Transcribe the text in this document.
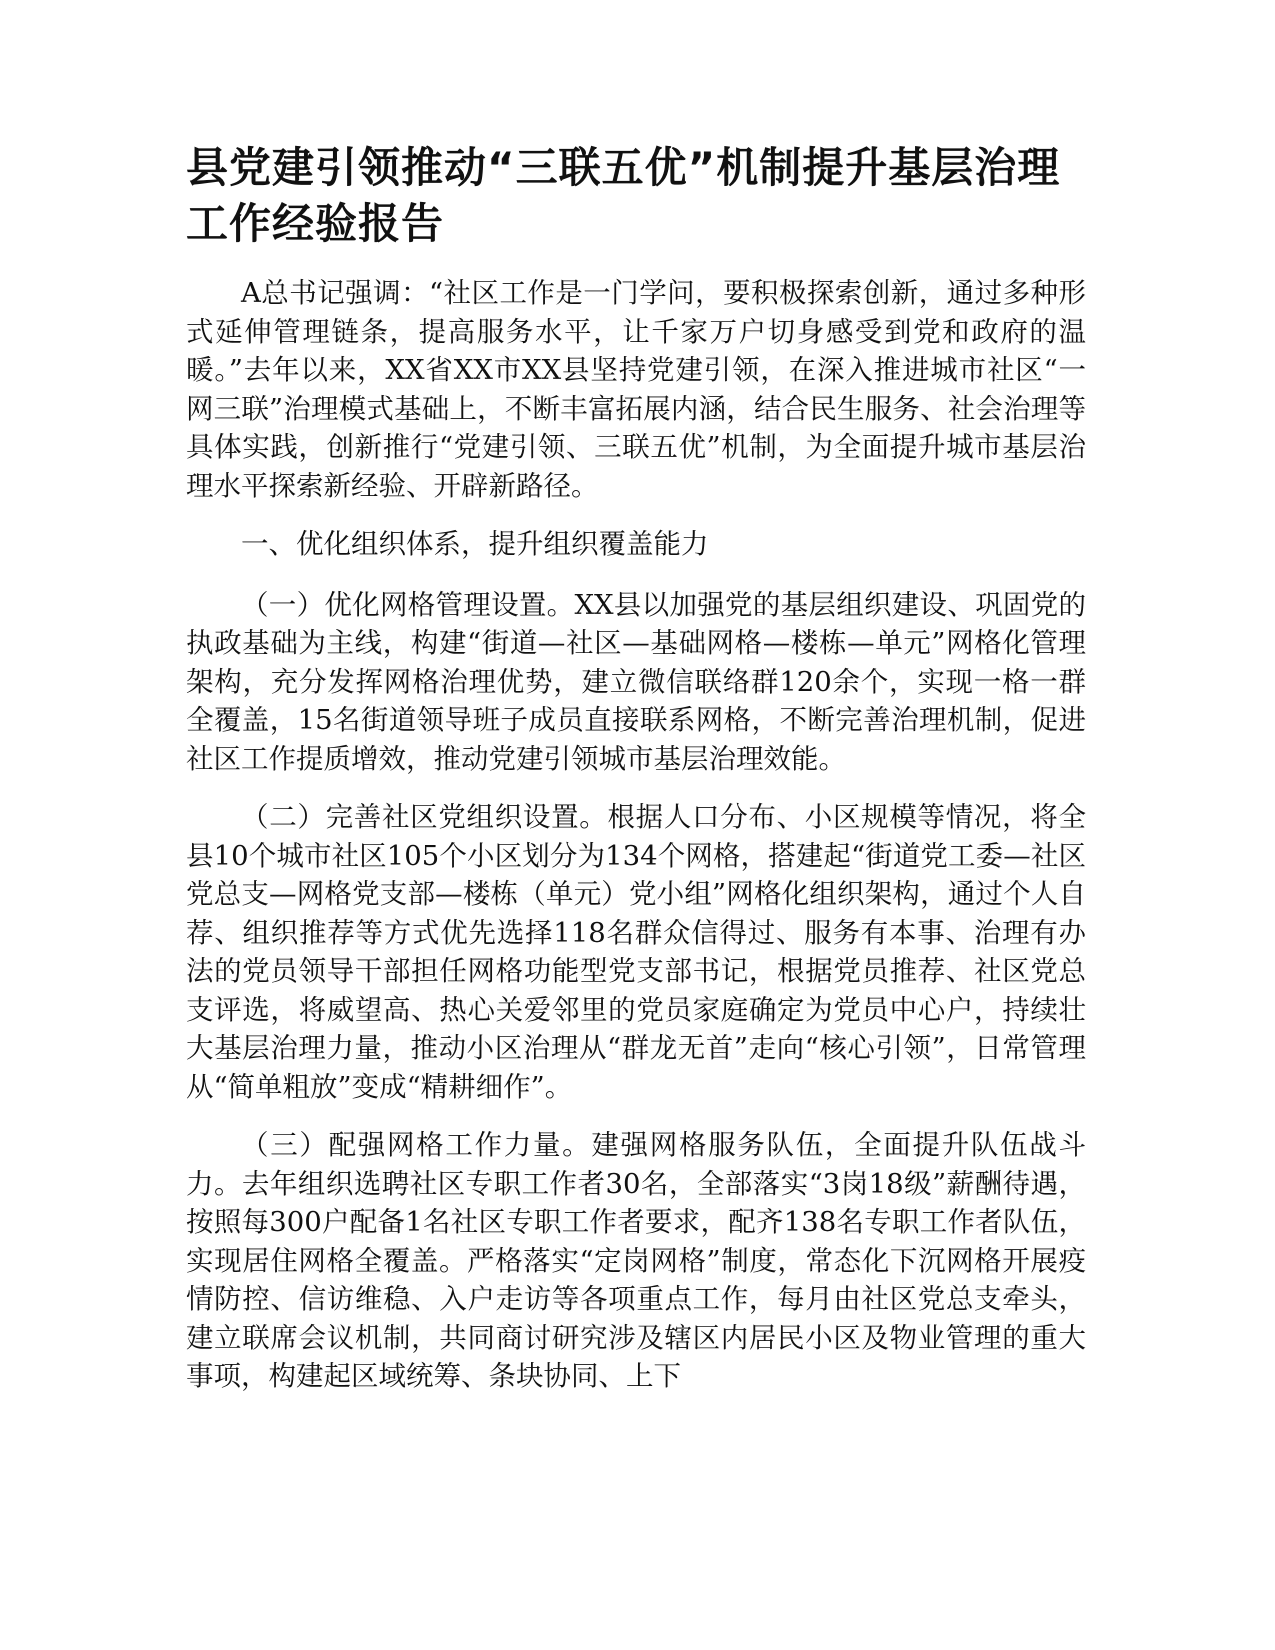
县党建引领推动“三联五优”机制提升基层治理工作经验报告

A总书记强调：“社区工作是一门学问，要积极探索创新，通过多种形式延伸管理链条，提高服务水平，让千家万户切身感受到党和政府的温暖。”去年以来，XX省XX市XX县坚持党建引领，在深入推进城市社区“一网三联”治理模式基础上，不断丰富拓展内涵，结合民生服务、社会治理等具体实践，创新推行“党建引领、三联五优”机制，为全面提升城市基层治理水平探索新经验、开辟新路径。

一、优化组织体系，提升组织覆盖能力

（一）优化网格管理设置。XX县以加强党的基层组织建设、巩固党的执政基础为主线，构建“街道—社区—基础网格—楼栋—单元”网格化管理架构，充分发挥网格治理优势，建立微信联络群120余个，实现一格一群全覆盖，15名街道领导班子成员直接联系网格，不断完善治理机制，促进社区工作提质增效，推动党建引领城市基层治理效能。

（二）完善社区党组织设置。根据人口分布、小区规模等情况，将全县10个城市社区105个小区划分为134个网格，搭建起“街道党工委—社区党总支—网格党支部—楼栋（单元）党小组”网格化组织架构，通过个人自荐、组织推荐等方式优先选择118名群众信得过、服务有本事、治理有办法的党员领导干部担任网格功能型党支部书记，根据党员推荐、社区党总支评选，将威望高、热心关爱邻里的党员家庭确定为党员中心户，持续壮大基层治理力量，推动小区治理从“群龙无首”走向“核心引领”，日常管理从“简单粗放”变成“精耕细作”。

（三）配强网格工作力量。建强网格服务队伍，全面提升队伍战斗力。去年组织选聘社区专职工作者30名，全部落实“3岗18级”薪酬待遇，按照每300户配备1名社区专职工作者要求，配齐138名专职工作者队伍，实现居住网格全覆盖。严格落实“定岗网格”制度，常态化下沉网格开展疫情防控、信访维稳、入户走访等各项重点工作，每月由社区党总支牵头，建立联席会议机制，共同商讨研究涉及辖区内居民小区及物业管理的重大事项，构建起区域统筹、条块协同、上下
